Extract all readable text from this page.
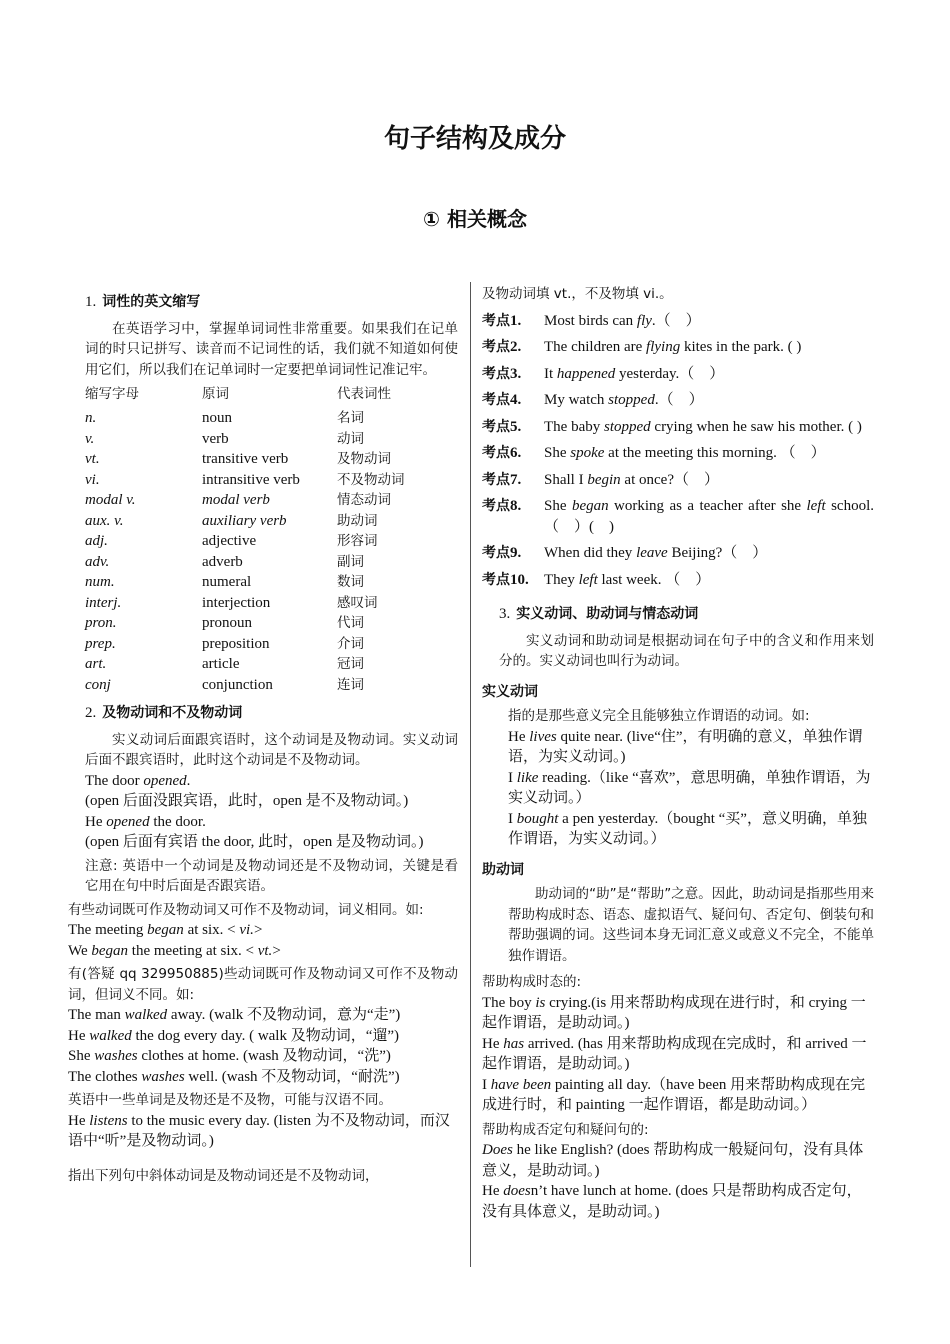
句子结构及成分
① 相关概念
1. 词性的英文缩写

在英语学习中，掌握单词词性非常重要。如果我们在记单词的时只记拼写、读音而不记词性的话，我们就不知道如何使用它们，所以我们在记单词时一定要把单词词性记准记牢。

缩写字母	原词	代表词性
n.	noun	名词
v.	verb	动词
vt.	transitive verb	及物动词
vi.	intransitive verb	不及物动词
modal v.	modal verb	情态动词
aux. v.	auxiliary verb	助动词
adj.	adjective	形容词
adv.	adverb	副词
num.	numeral	数词
interj.	interjection	感叹词
pron.	pronoun	代词
prep.	preposition	介词
art.	article	冠词
conj	conjunction	连词
2. 及物动词和不及物动词

实义动词后面跟宾语时，这个动词是及物动词。实义动词后面不跟宾语时，此时这个动词是不及物动词。

The door opened.
(open 后面没跟宾语，此时，open 是不及物动词。)
He opened the door.
(open 后面有宾语 the door, 此时，open 是及物动词。)

注意: 英语中一个动词是及物动词还是不及物动词，关键是看它用在句中时后面是否跟宾语。

有些动词既可作及物动词又可作不及物动词，词义相同。如:

The meeting began at six. < vi.>
We began the meeting at six. < vt.>

有(答疑 qq 329950885)些动词既可作及物动词又可作不及物动词，但词义不同。如:

The man walked away. (walk 不及物动词，意为“走”)
He walked the dog every day. ( walk 及物动词，“遛”)
She washes clothes at home. (wash 及物动词，“洗”)
The clothes washes well. (wash 不及物动词，“耐洗”)

英语中一些单词是及物还是不及物，可能与汉语不同。

He listens to the music every day. (listen 为不及物动词，而汉语中“听”是及物动词。)

指出下列句中斜体动词是及物动词还是不及物动词，

及物动词填 vt.，不及物填 vi.。

考点1.	Most birds can fly.（　）
考点2.	The children are flying kites in the park. ( )
考点3.	It happened yesterday.（　）
考点4.	My watch stopped.（　）
考点5.	The baby stopped crying when he saw his mother. ( )
考点6.	She spoke at the meeting this morning. （　）
考点7.	Shall I begin at once?（　）
考点8.	She began working as a teacher after she left school.（　）(　)
考点9.	When did they leave Beijing?（　）
考点10.	They left last week. （　）
3. 实义动词、助动词与情态动词

实义动词和助动词是根据动词在句子中的含义和作用来划分的。实义动词也叫行为动词。

实义动词

指的是那些意义完全且能够独立作谓语的动词。如:

He lives quite near. (live“住”，有明确的意义，单独作谓语，为实义动词。)
I like reading.（like “喜欢”，意思明确，单独作谓语，为实义动词。）
I bought a pen yesterday.（bought “买”，意义明确，单独作谓语，为实义动词。）
助动词

助动词的“助”是“帮助”之意。因此，助动词是指那些用来帮助构成时态、语态、虚拟语气、疑问句、否定句、倒装句和帮助强调的词。这些词本身无词汇意义或意义不完全，不能单独作谓语。

帮助构成时态的:

The boy is crying.(is 用来帮助构成现在进行时，和 crying 一起作谓语，是助动词。)
He has arrived. (has 用来帮助构成现在完成时，和 arrived 一起作谓语，是助动词。)
I have been painting all day.（have been 用来帮助构成现在完成进行时，和 painting 一起作谓语，都是助动词。）

帮助构成否定句和疑问句的:

Does he like English? (does 帮助构成一般疑问句，没有具体意义，是助动词。)
He doesn’t have lunch at home. (does 只是帮助构成否定句，没有具体意义，是助动词。)
